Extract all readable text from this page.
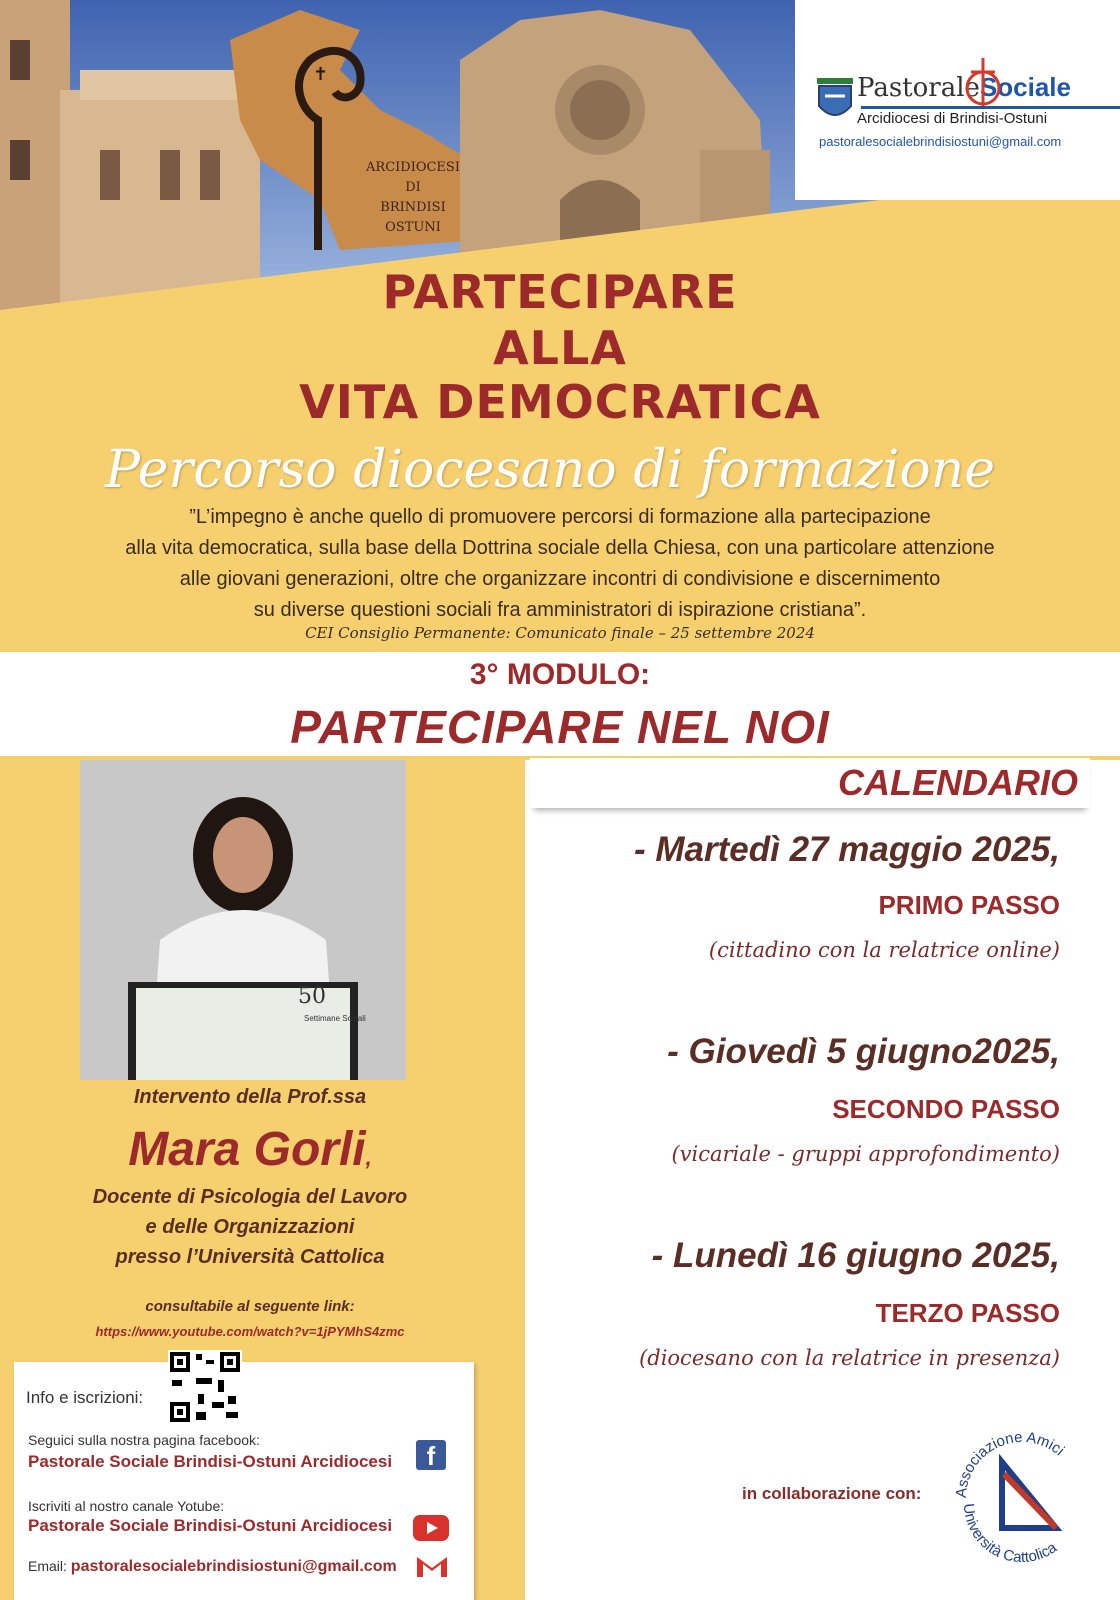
✝
ARCIDIOCESI
DI
BRINDISI
OSTUNI
PastoraleSociale
Arcidiocesi di Brindisi-Ostuni
pastoralesocialebrindisiostuni@gmail.com
PARTECIPARE
ALLA
VITA DEMOCRATICA
Percorso diocesano di formazione
”L’impegno è anche quello di promuovere percorsi di formazione alla partecipazione
alla vita democratica, sulla base della Dottrina sociale della Chiesa, con una particolare attenzione
alle giovani generazioni, oltre che organizzare incontri di condivisione e discernimento
su diverse questioni sociali fra amministratori di ispirazione cristiana”.
CEI Consiglio Permanente: Comunicato finale – 25 settembre 2024
3° MODULO:
PARTECIPARE NEL NOI
50
Settimane Sociali
Intervento della Prof.ssa
Mara Gorli,
Docente di Psicologia del Lavoro
e delle Organizzazioni
presso l’Università Cattolica
consultabile al seguente link:
https://www.youtube.com/watch?v=1jPYMhS4zmc
Info e iscrizioni:
Seguici sulla nostra pagina facebook:
Pastorale Sociale Brindisi-Ostuni Arcidiocesi	f
Iscriviti al nostro canale Yotube:
Pastorale Sociale Brindisi-Ostuni Arcidiocesi
Email: pastoralesocialebrindisiostuni@gmail.com
CALENDARIO
- Martedì 27 maggio 2025,
PRIMO PASSO
(cittadino con la relatrice online)
- Giovedì 5 giugno2025,
SECONDO PASSO
(vicariale - gruppi approfondimento)
- Lunedì 16 giugno 2025,
TERZO PASSO
(diocesano con la relatrice in presenza)
in collaborazione con: Associazione Amici
Università Cattolica
